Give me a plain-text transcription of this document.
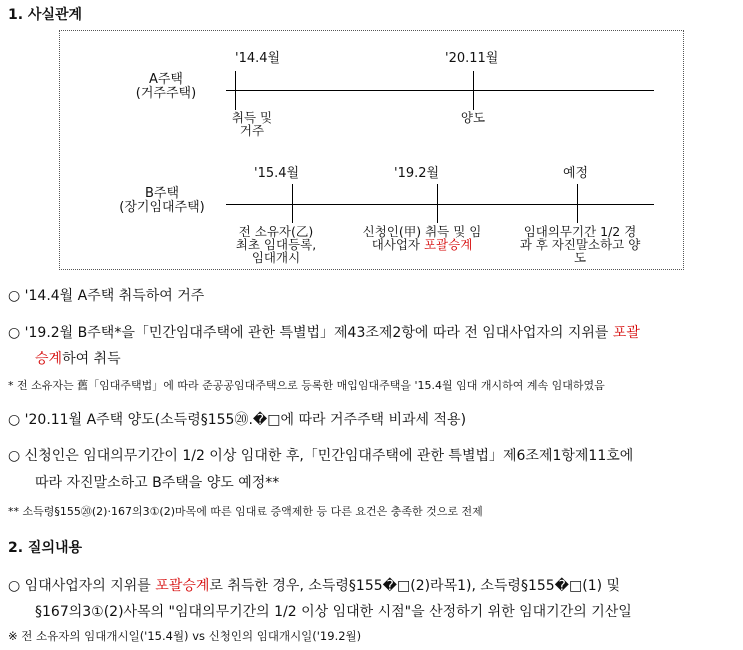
1. 사실관계
A주택
(거주주택)
'14.4월	'20.11월
취득 및
거주
양도
B주택
(장기임대주택)
'15.4월	'19.2월	예정
전 소유자(乙)
최초 임대등록,
임대개시
신청인(甲) 취득 및 임
대사업자 포괄승계
임대의무기간 1/2 경
과 후 자진말소하고 양
도
○ '14.4월 A주택 취득하여 거주
○ '19.2월 B주택*을「민간임대주택에 관한 특별법」제43조제2항에 따라 전 임대사업자의 지위를 포괄
승계하여 취득
* 전 소유자는 舊「임대주택법」에 따라 준공공임대주택으로 등록한 매입임대주택을 '15.4월 임대 개시하여 계속 임대하였음
○ '20.11월 A주택 양도(소득령§155⑳.�□에 따라 거주주택 비과세 적용)
○ 신청인은 임대의무기간이 1/2 이상 임대한 후,「민간임대주택에 관한 특별법」제6조제1항제11호에
따라 자진말소하고 B주택을 양도 예정**
** 소득령§155⑳(2)·167의3①(2)마목에 따른 임대료 증액제한 등 다른 요건은 충족한 것으로 전제
2. 질의내용
○ 임대사업자의 지위를 포괄승계로 취득한 경우, 소득령§155�□(2)라목1), 소득령§155�□(1) 및
§167의3①(2)사목의 "임대의무기간의 1/2 이상 임대한 시점"을 산정하기 위한 임대기간의 기산일
※ 전 소유자의 임대개시일('15.4월) vs 신청인의 임대개시일('19.2월)
